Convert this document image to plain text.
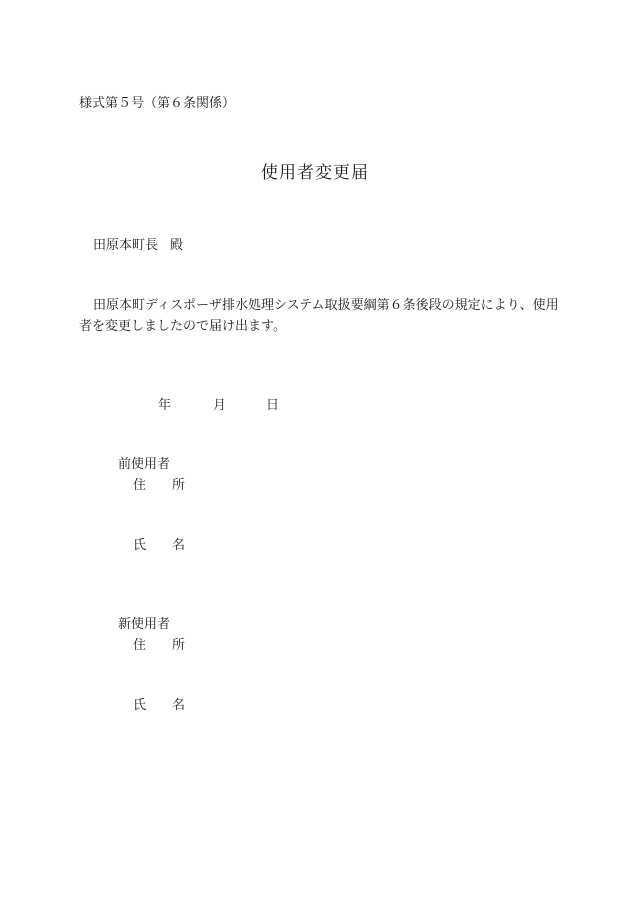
様式第５号（第６条関係）
使用者変更届
田原本町長 殿
田原本町ディスポーザ排水処理システム取扱要綱第６条後段の規定により、使用者を変更しましたので届け出ます。
年	月	日
前使用者
住 所
氏 名
新使用者
住 所
氏 名
